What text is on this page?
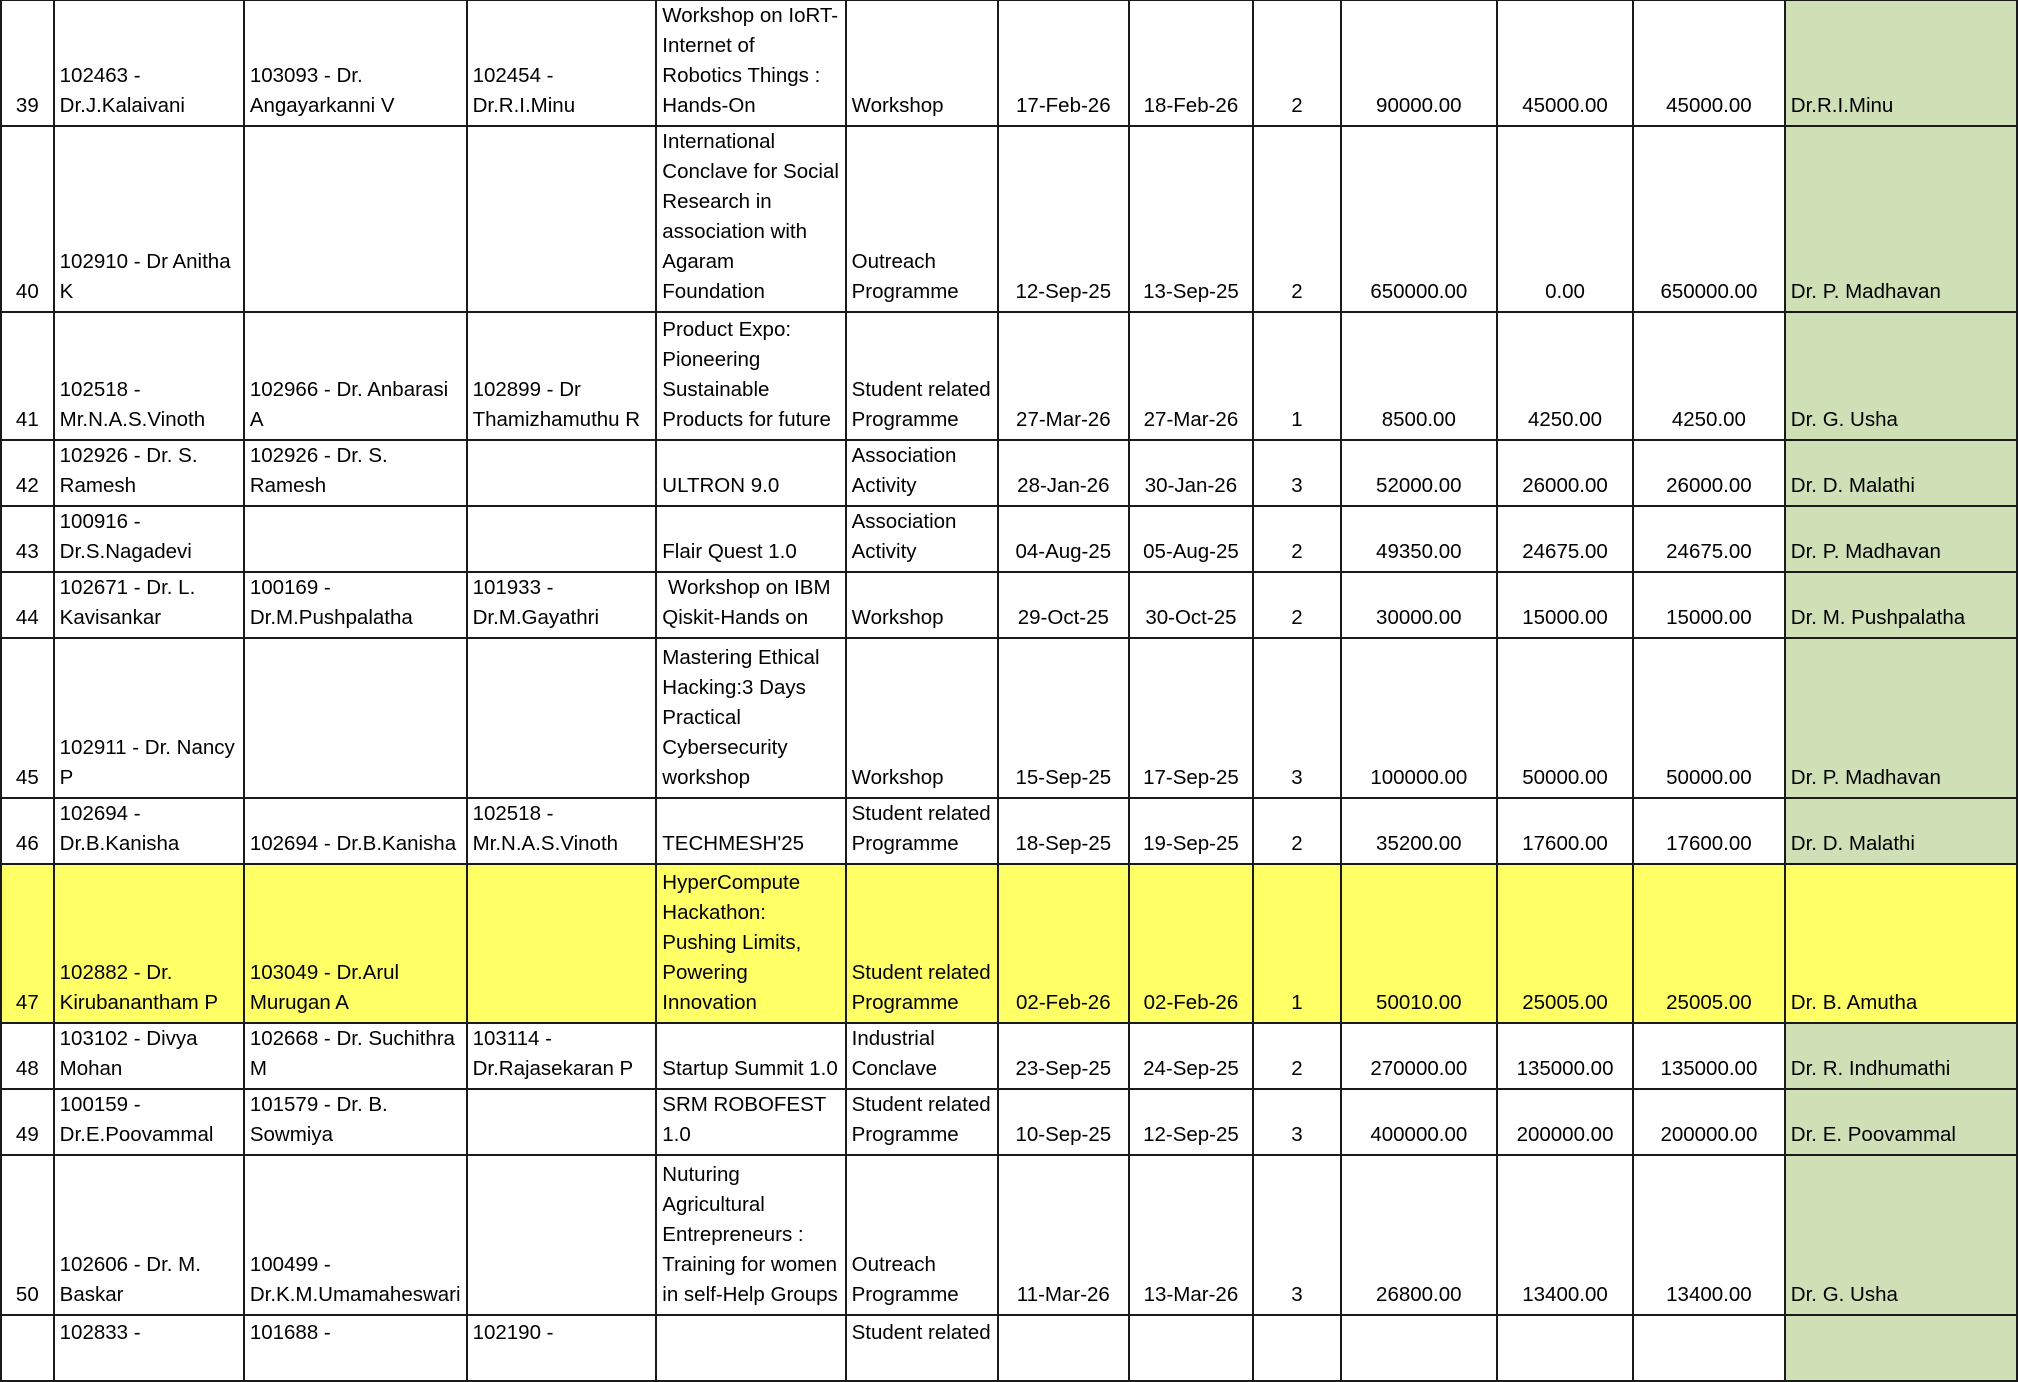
39	102463 - Dr.J.Kalaivani	103093 - Dr. Angayarkanni V	102454 - Dr.R.I.Minu	Workshop on IoRT-Internet of Robotics Things : Hands-On	Workshop	17-Feb-26	18-Feb-26	2	90000.00	45000.00	45000.00	Dr.R.I.Minu
40	102910 - Dr Anitha K			International Conclave for Social Research in association with Agaram Foundation	Outreach Programme	12-Sep-25	13-Sep-25	2	650000.00	0.00	650000.00	Dr. P. Madhavan
41	102518 - Mr.N.A.S.Vinoth	102966 - Dr. Anbarasi A	102899 - Dr Thamizhamuthu R	Product Expo: Pioneering Sustainable Products for future	Student related Programme	27-Mar-26	27-Mar-26	1	8500.00	4250.00	4250.00	Dr. G. Usha
42	102926 - Dr. S. Ramesh	102926 - Dr. S. Ramesh		ULTRON 9.0	Association Activity	28-Jan-26	30-Jan-26	3	52000.00	26000.00	26000.00	Dr. D. Malathi
43	100916 - Dr.S.Nagadevi			Flair Quest 1.0	Association Activity	04-Aug-25	05-Aug-25	2	49350.00	24675.00	24675.00	Dr. P. Madhavan
44	102671 - Dr. L. Kavisankar	100169 - Dr.M.Pushpalatha	101933 - Dr.M.Gayathri	Workshop on IBM Qiskit-Hands on	Workshop	29-Oct-25	30-Oct-25	2	30000.00	15000.00	15000.00	Dr. M. Pushpalatha
45	102911 - Dr. Nancy P			Mastering Ethical Hacking:3 Days Practical Cybersecurity workshop	Workshop	15-Sep-25	17-Sep-25	3	100000.00	50000.00	50000.00	Dr. P. Madhavan
46	102694 - Dr.B.Kanisha	102694 - Dr.B.Kanisha	102518 - Mr.N.A.S.Vinoth	TECHMESH'25	Student related Programme	18-Sep-25	19-Sep-25	2	35200.00	17600.00	17600.00	Dr. D. Malathi
47	102882 - Dr. Kirubanantham P	103049 - Dr.Arul Murugan A		HyperCompute Hackathon: Pushing Limits, Powering Innovation	Student related Programme	02-Feb-26	02-Feb-26	1	50010.00	25005.00	25005.00	Dr. B. Amutha
48	103102 - Divya Mohan	102668 - Dr. Suchithra M	103114 - Dr.Rajasekaran P	Startup Summit 1.0	Industrial Conclave	23-Sep-25	24-Sep-25	2	270000.00	135000.00	135000.00	Dr. R. Indhumathi
49	100159 - Dr.E.Poovammal	101579 - Dr. B. Sowmiya		SRM ROBOFEST 1.0	Student related Programme	10-Sep-25	12-Sep-25	3	400000.00	200000.00	200000.00	Dr. E. Poovammal
50	102606 - Dr. M. Baskar	100499 - Dr.K.M.Umamaheswari		Nuturing Agricultural Entrepreneurs : Training for women in self-Help Groups	Outreach Programme	11-Mar-26	13-Mar-26	3	26800.00	13400.00	13400.00	Dr. G. Usha
	102833 -	101688 -	102190 -		Student related							
